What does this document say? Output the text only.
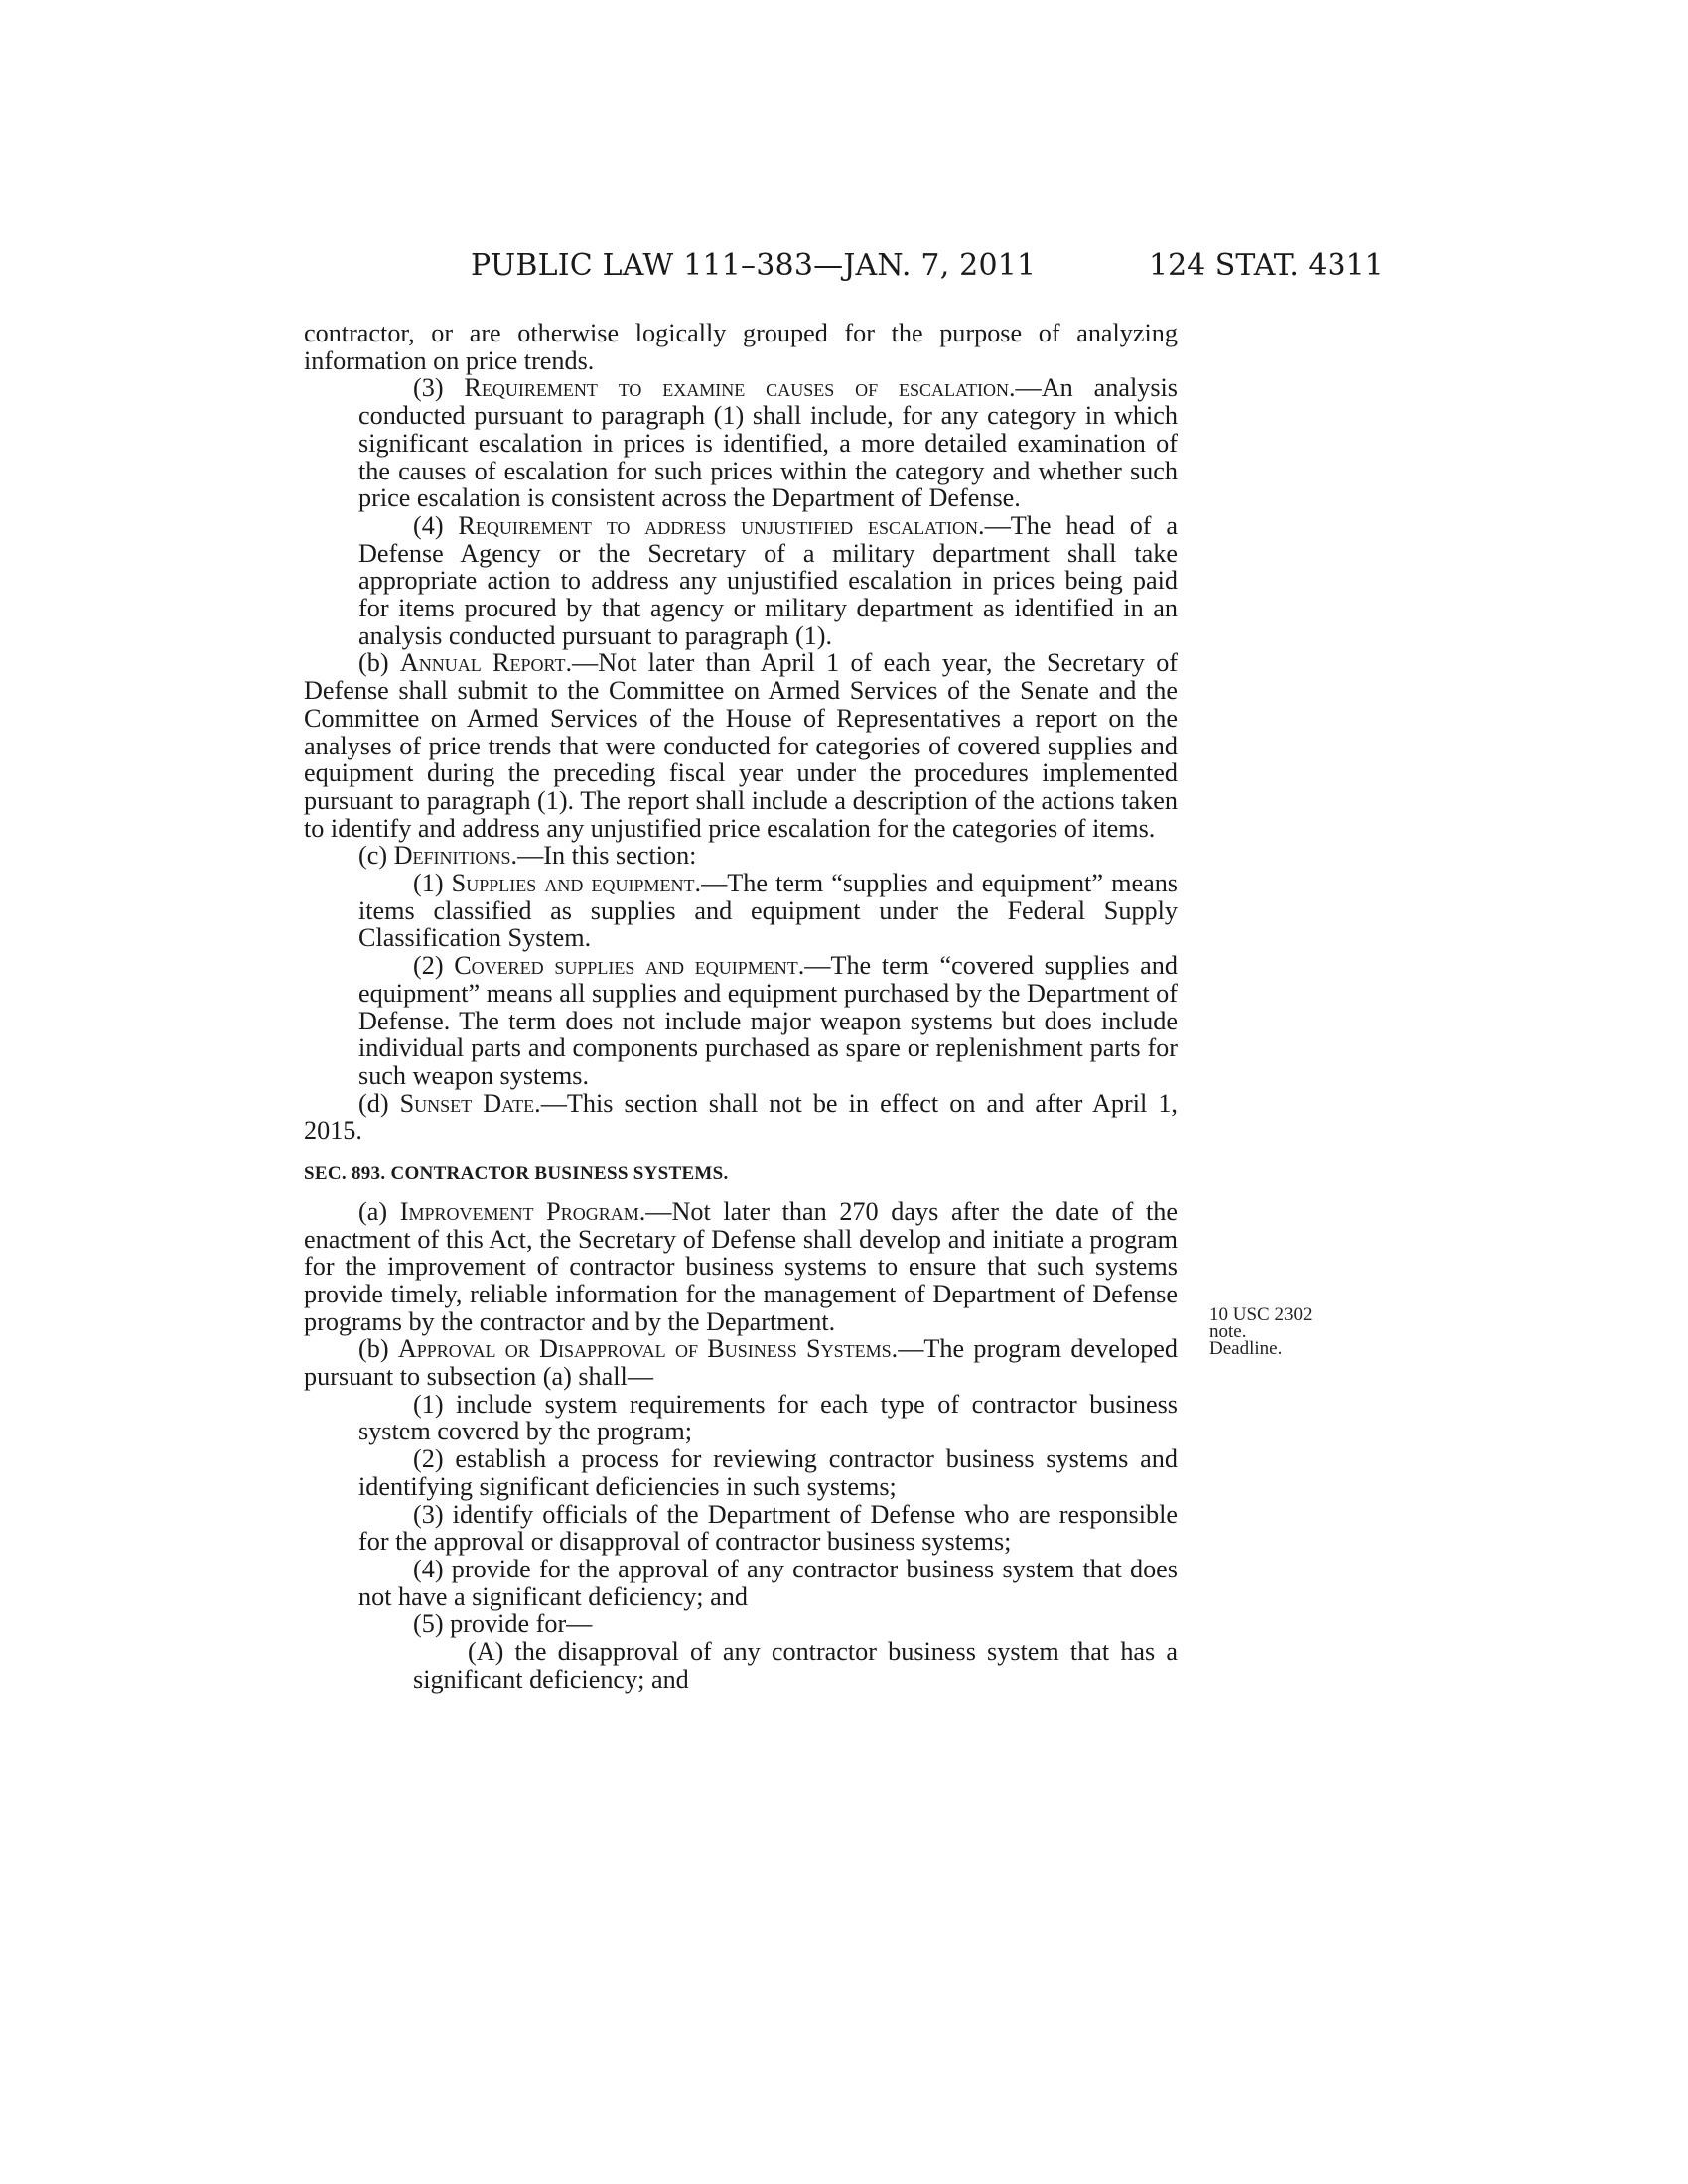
PUBLIC LAW 111–383—JAN. 7, 2011	124 STAT. 4311

contractor, or are otherwise logically grouped for the purpose of analyzing information on price trends.

(3) Requirement to examine causes of escalation.—An analysis conducted pursuant to paragraph (1) shall include, for any category in which significant escalation in prices is identified, a more detailed examination of the causes of escalation for such prices within the category and whether such price escalation is consistent across the Department of Defense.

(4) Requirement to address unjustified escalation.—The head of a Defense Agency or the Secretary of a military department shall take appropriate action to address any unjustified escalation in prices being paid for items procured by that agency or military department as identified in an analysis conducted pursuant to paragraph (1).

(b) Annual Report.—Not later than April 1 of each year, the Secretary of Defense shall submit to the Committee on Armed Services of the Senate and the Committee on Armed Services of the House of Representatives a report on the analyses of price trends that were conducted for categories of covered supplies and equipment during the preceding fiscal year under the procedures implemented pursuant to paragraph (1). The report shall include a description of the actions taken to identify and address any unjustified price escalation for the categories of items.

(c) Definitions.—In this section:

(1) Supplies and equipment.—The term “supplies and equipment” means items classified as supplies and equipment under the Federal Supply Classification System.

(2) Covered supplies and equipment.—The term “covered supplies and equipment” means all supplies and equipment purchased by the Department of Defense. The term does not include major weapon systems but does include individual parts and components purchased as spare or replenishment parts for such weapon systems.

(d) Sunset Date.—This section shall not be in effect on and after April 1, 2015.

SEC. 893. CONTRACTOR BUSINESS SYSTEMS.

(a) Improvement Program.—Not later than 270 days after the date of the enactment of this Act, the Secretary of Defense shall develop and initiate a program for the improvement of contractor business systems to ensure that such systems provide timely, reliable information for the management of Department of Defense programs by the contractor and by the Department.

(b) Approval or Disapproval of Business Systems.—The program developed pursuant to subsection (a) shall—

(1) include system requirements for each type of contractor business system covered by the program;

(2) establish a process for reviewing contractor business systems and identifying significant deficiencies in such systems;

(3) identify officials of the Department of Defense who are responsible for the approval or disapproval of contractor business systems;

(4) provide for the approval of any contractor business system that does not have a significant deficiency; and

(5) provide for—

(A) the disapproval of any contractor business system that has a significant deficiency; and

10 USC 2302
note.
Deadline.
